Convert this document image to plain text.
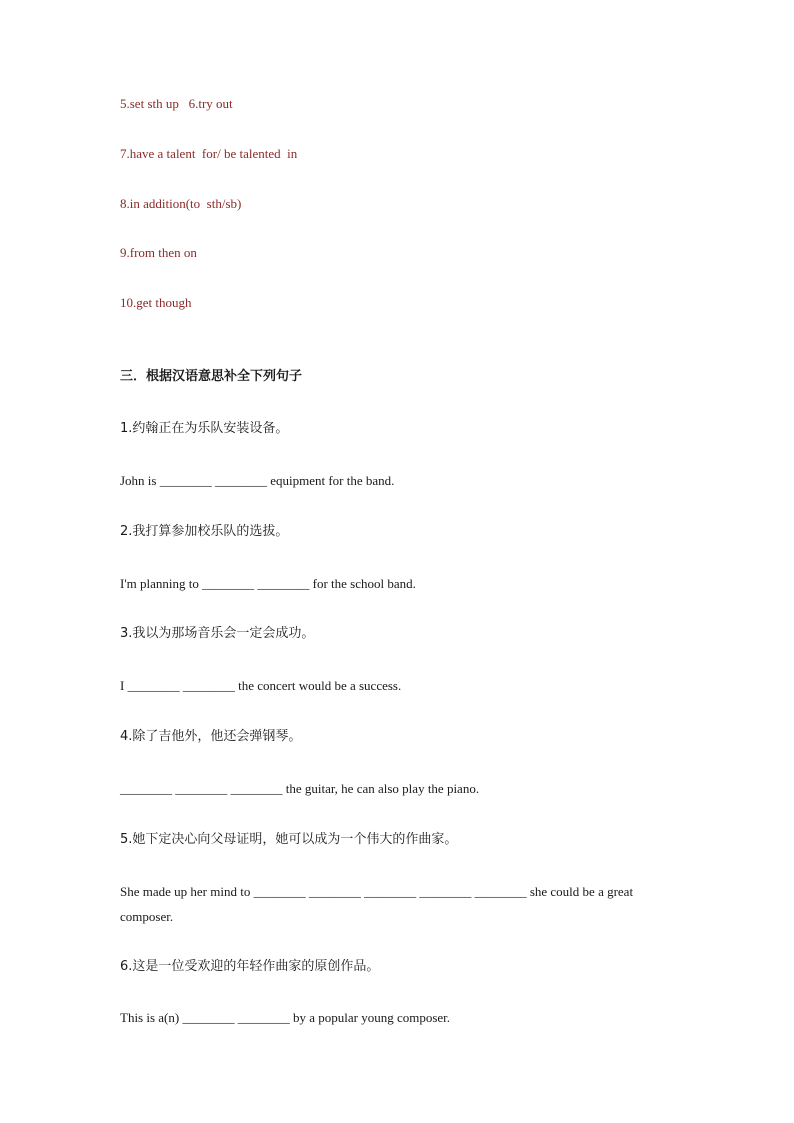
5.set sth up   6.try out
7.have a talent  for/ be talented  in
8.in addition(to  sth/sb)
9.from then on
10.get though
三．根据汉语意思补全下列句子
1.约翰正在为乐队安装设备。
John is ________ ________ equipment for the band.
2.我打算参加校乐队的选拔。
I'm planning to ________ ________ for the school band.
3.我以为那场音乐会一定会成功。
I ________ ________ the concert would be a success.
4.除了吉他外，他还会弹钢琴。
________ ________ ________ the guitar, he can also play the piano.
5.她下定决心向父母证明，她可以成为一个伟大的作曲家。
She made up her mind to ________ ________ ________ ________ ________ she could be a great composer.
6.这是一位受欢迎的年轻作曲家的原创作品。
This is a(n) ________ ________ by a popular young composer.
